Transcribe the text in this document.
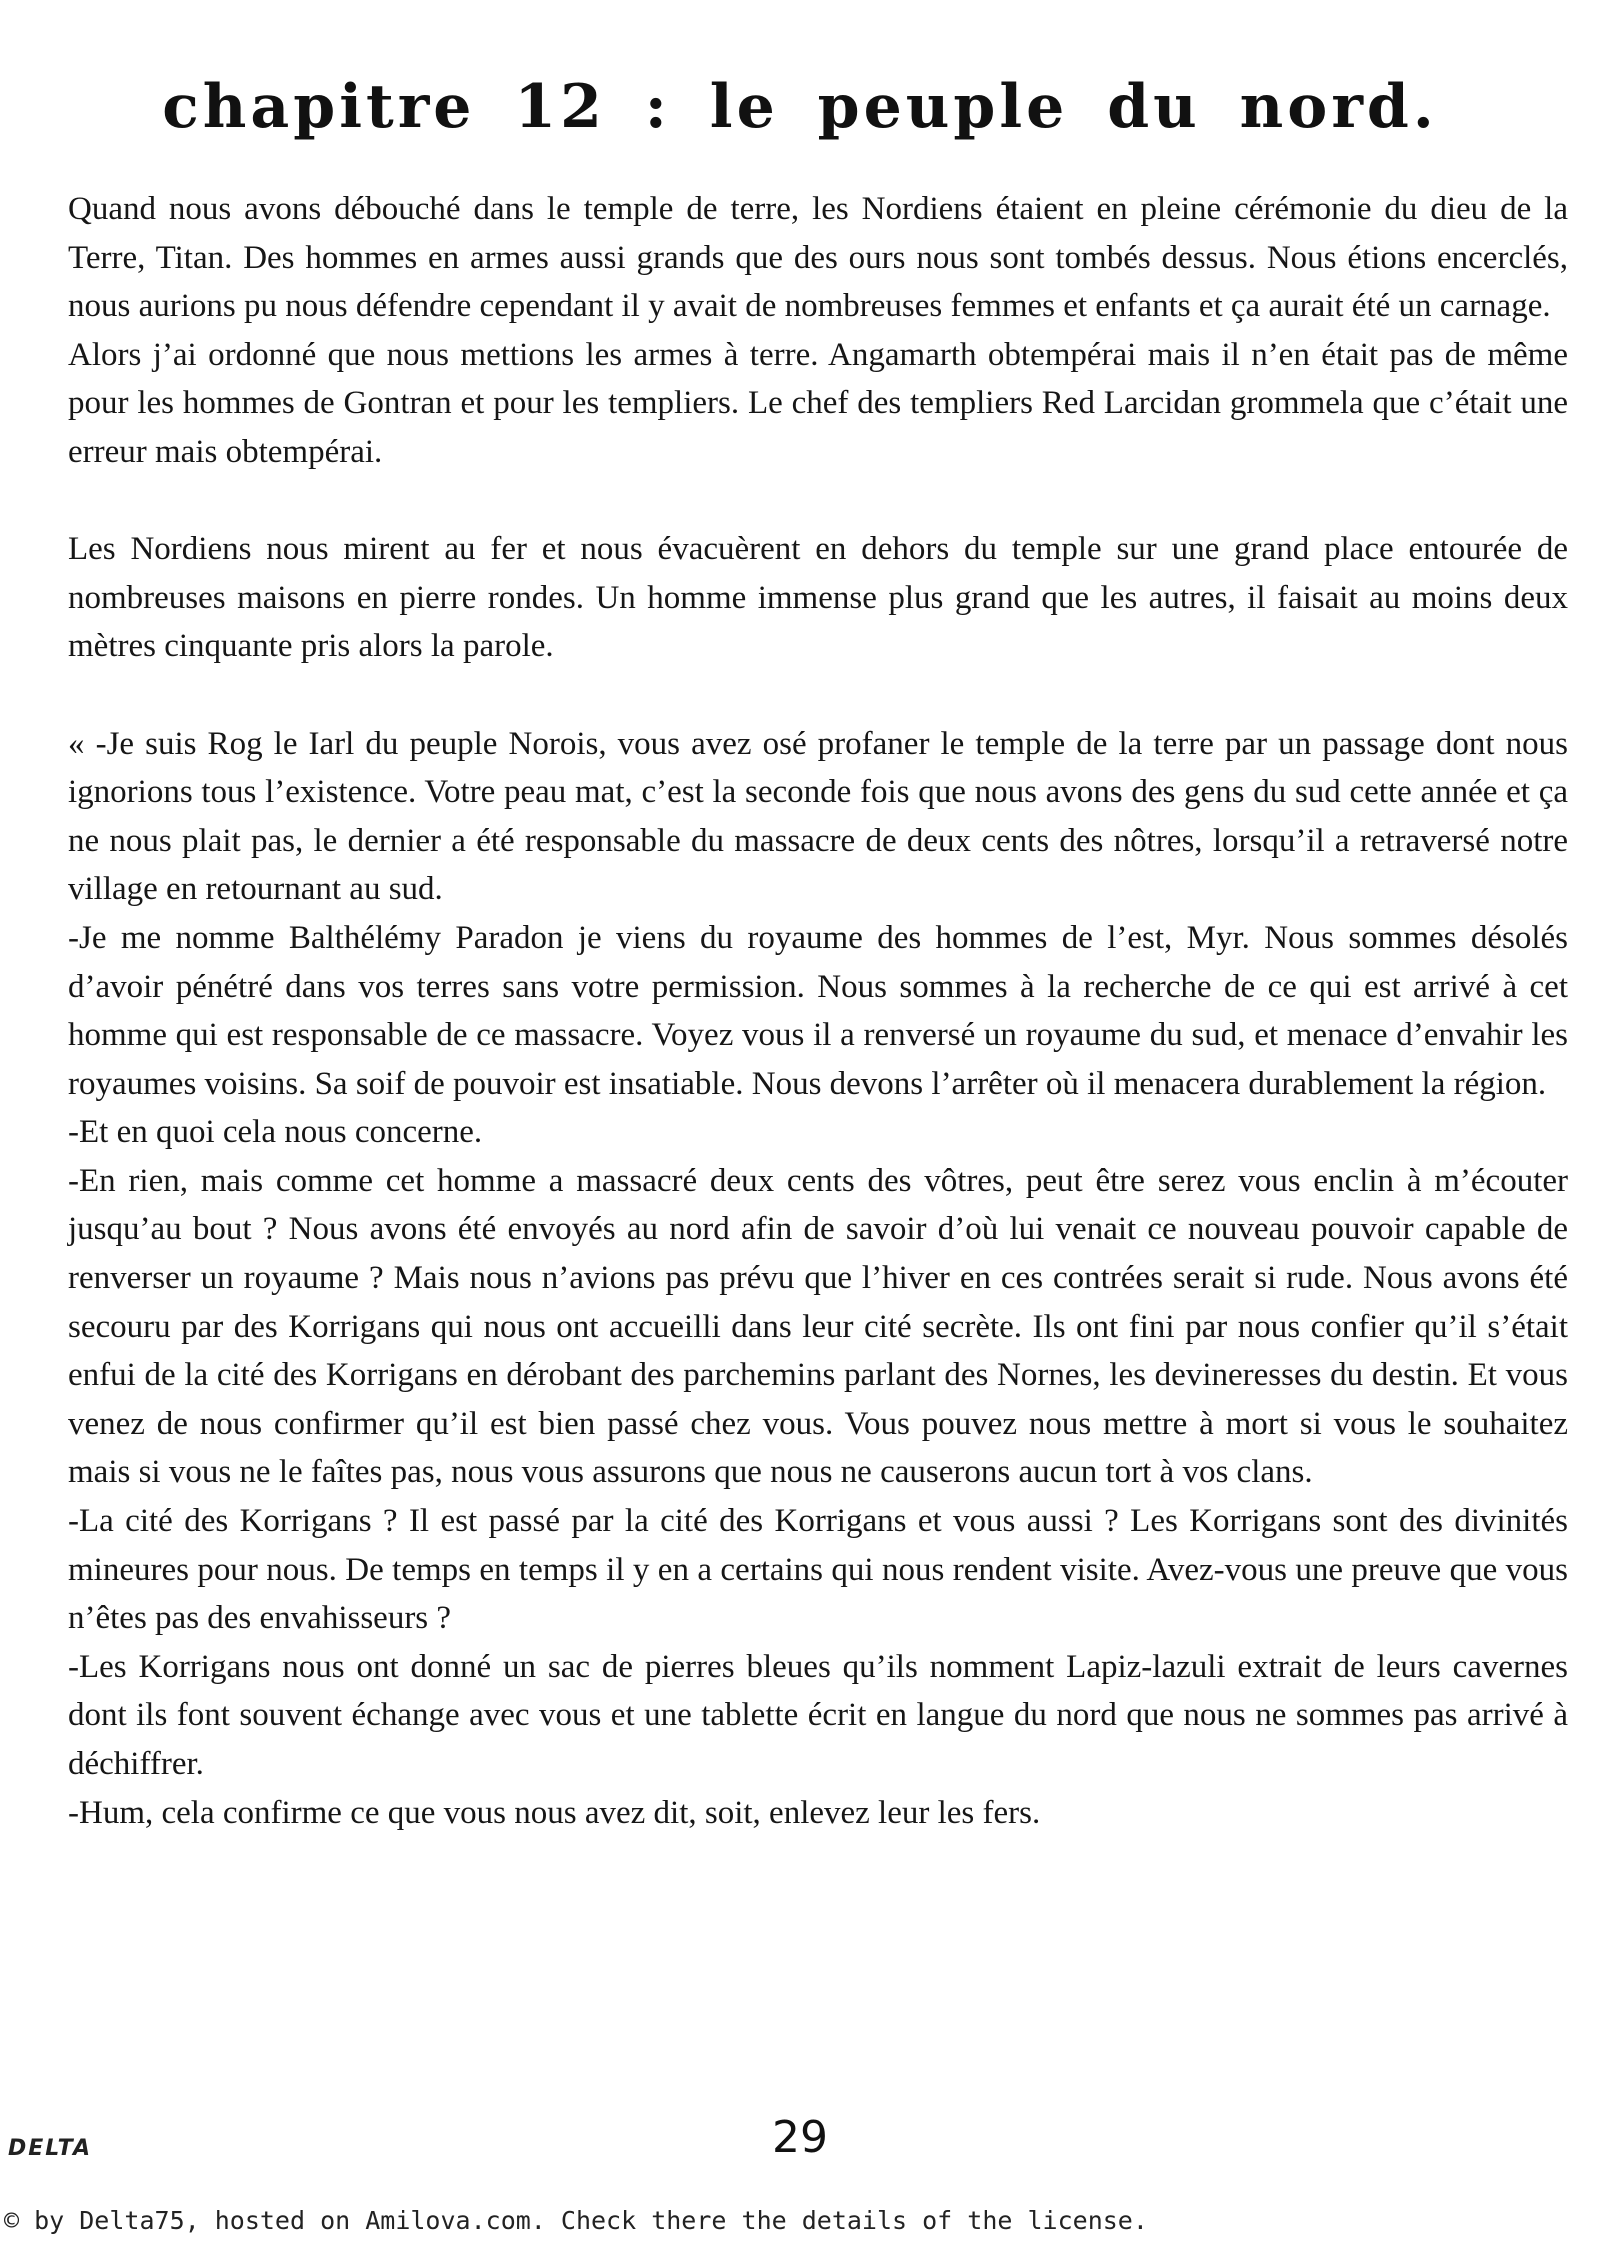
chapitre 12 : le peuple du nord.

Quand nous avons débouché dans le temple de terre, les Nordiens étaient en pleine cérémonie du dieu de la Terre, Titan. Des hommes en armes aussi grands que des ours nous sont tombés dessus. Nous étions encerclés, nous aurions pu nous défendre cependant il y avait de nombreuses femmes et enfants et ça aurait été un carnage.

Alors j’ai ordonné que nous mettions les armes à terre. Angamarth obtempérai mais il n’en était pas de même pour les hommes de Gontran et pour les templiers. Le chef des templiers Red Larcidan grommela que c’était une erreur mais obtempérai.

Les Nordiens nous mirent au fer et nous évacuèrent en dehors du temple sur une grand place entourée de nombreuses maisons en pierre rondes. Un homme immense plus grand que les autres, il faisait au moins deux mètres cinquante pris alors la parole.

« -Je suis Rog le Iarl du peuple Norois, vous avez osé profaner le temple de la terre par un passage dont nous ignorions tous l’existence. Votre peau mat, c’est la seconde fois que nous avons des gens du sud cette année et ça ne nous plait pas, le dernier a été responsable du massacre de deux cents des nôtres, lorsqu’il a retraversé notre village en retournant au sud.

-Je me nomme Balthélémy Paradon je viens du royaume des hommes de l’est, Myr. Nous sommes désolés d’avoir pénétré dans vos terres sans votre permission. Nous sommes à la recherche de ce qui est arrivé à cet homme qui est responsable de ce massacre. Voyez vous il a renversé un royaume du sud, et menace d’envahir les royaumes voisins. Sa soif de pouvoir est insatiable. Nous devons l’arrêter où il menacera durablement la région.

-Et en quoi cela nous concerne.

-En rien, mais comme cet homme a massacré deux cents des vôtres, peut être serez vous enclin à m’écouter jusqu’au bout ? Nous avons été envoyés au nord afin de savoir d’où lui venait ce nouveau pouvoir capable de renverser un royaume ? Mais nous n’avions pas prévu que l’hiver en ces contrées serait si rude. Nous avons été secouru par des Korrigans qui nous ont accueilli dans leur cité secrète. Ils ont fini par nous confier qu’il s’était enfui de la cité des Korrigans en dérobant des parchemins parlant des Nornes, les devineresses du destin. Et vous venez de nous confirmer qu’il est bien passé chez vous. Vous pouvez nous mettre à mort si vous le souhaitez mais si vous ne le faîtes pas, nous vous assurons que nous ne causerons aucun tort à vos clans.

-La cité des Korrigans ? Il est passé par la cité des Korrigans et vous aussi ? Les Korrigans sont des divinités mineures pour nous. De temps en temps il y en a certains qui nous rendent visite. Avez-vous une preuve que vous n’êtes pas des envahisseurs ?

-Les Korrigans nous ont donné un sac de pierres bleues qu’ils nomment Lapiz-lazuli extrait de leurs cavernes dont ils font souvent échange avec vous et une tablette écrit en langue du nord que nous ne sommes pas arrivé à déchiffrer.

-Hum, cela confirme ce que vous nous avez dit, soit, enlevez leur les fers.

DELTA	29
© by Delta75, hosted on Amilova.com. Check there the details of the license.
